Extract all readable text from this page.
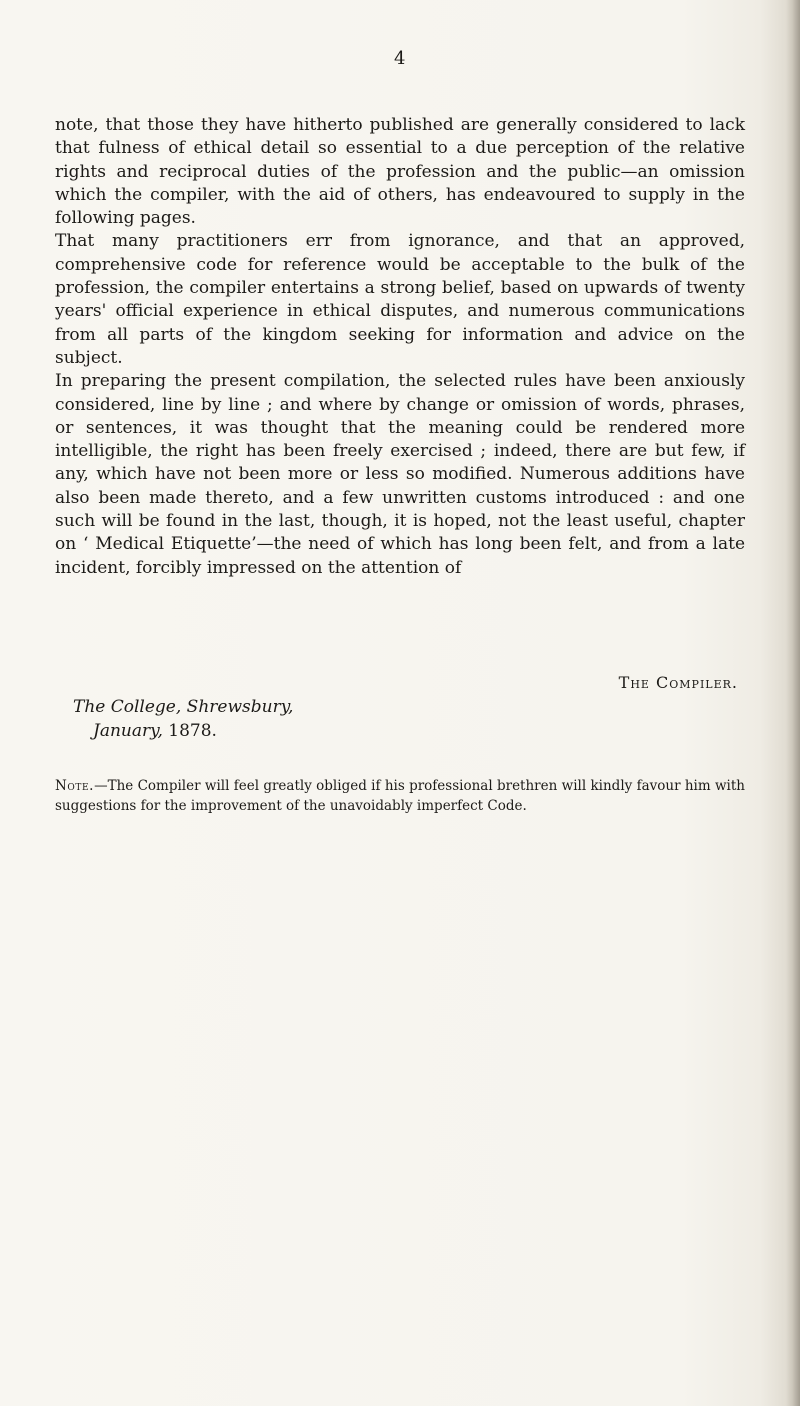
4

note, that those they have hitherto published are generally considered to lack that fulness of ethical detail so essential to a due perception of the relative rights and reciprocal duties of the profession and the public—an omission which the compiler, with the aid of others, has endeavoured to supply in the following pages.

That many practitioners err from ignorance, and that an approved, comprehensive code for reference would be acceptable to the bulk of the profession, the compiler entertains a strong belief, based on upwards of twenty years' official experience in ethical disputes, and numerous communications from all parts of the kingdom seeking for information and advice on the subject.

In preparing the present compilation, the selected rules have been anxiously considered, line by line ; and where by change or omission of words, phrases, or sentences, it was thought that the meaning could be rendered more intelligible, the right has been freely exercised ; indeed, there are but few, if any, which have not been more or less so modified. Numerous additions have also been made thereto, and a few unwritten customs introduced : and one such will be found in the last, though, it is hoped, not the least useful, chapter on ‘ Medical Etiquette’—the need of which has long been felt, and from a late incident, forcibly impressed on the attention of

The Compiler.
The College, Shrewsbury,
January, 1878.
Note.—The Compiler will feel greatly obliged if his professional brethren will kindly favour him with suggestions for the improvement of the unavoidably imperfect Code.
